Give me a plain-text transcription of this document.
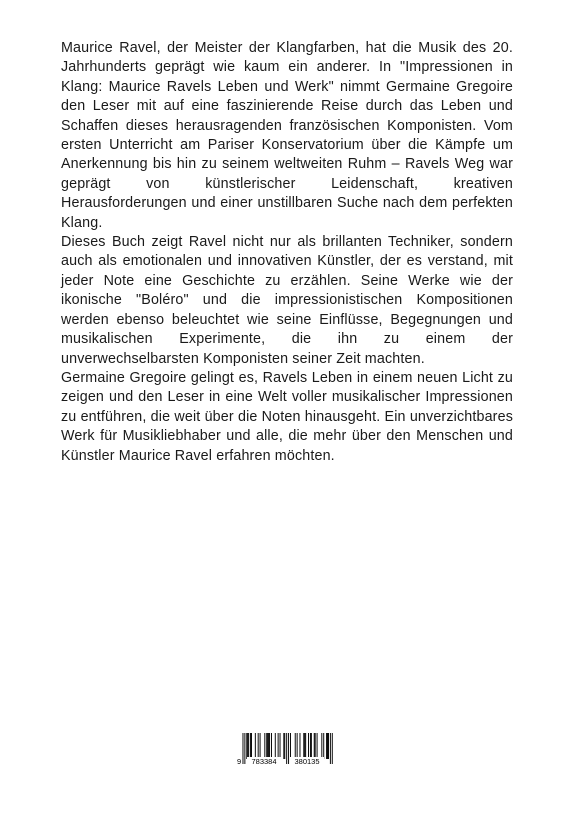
Maurice Ravel, der Meister der Klangfarben, hat die Musik des 20. Jahrhunderts geprägt wie kaum ein anderer. In "Impressionen in Klang: Maurice Ravels Leben und Werk" nimmt Germaine Gregoire den Leser mit auf eine faszinierende Reise durch das Leben und Schaffen dieses herausragenden französischen Komponisten. Vom ersten Unterricht am Pariser Konservatorium über die Kämpfe um Anerkennung bis hin zu seinem weltweiten Ruhm – Ravels Weg war geprägt von künstlerischer Leidenschaft, kreativen Herausforderungen und einer unstillbaren Suche nach dem perfekten Klang.

Dieses Buch zeigt Ravel nicht nur als brillanten Techniker, sondern auch als emotionalen und innovativen Künstler, der es verstand, mit jeder Note eine Geschichte zu erzählen. Seine Werke wie der ikonische "Boléro" und die impressionistischen Kompositionen werden ebenso beleuchtet wie seine Einflüsse, Begegnungen und musikalischen Experimente, die ihn zu einem der unverwechselbarsten Komponisten seiner Zeit machten.

Germaine Gregoire gelingt es, Ravels Leben in einem neuen Licht zu zeigen und den Leser in eine Welt voller musikalischer Impressionen zu entführen, die weit über die Noten hinausgeht. Ein unverzichtbares Werk für Musikliebhaber und alle, die mehr über den Menschen und Künstler Maurice Ravel erfahren möchten.

9	783384	380135
